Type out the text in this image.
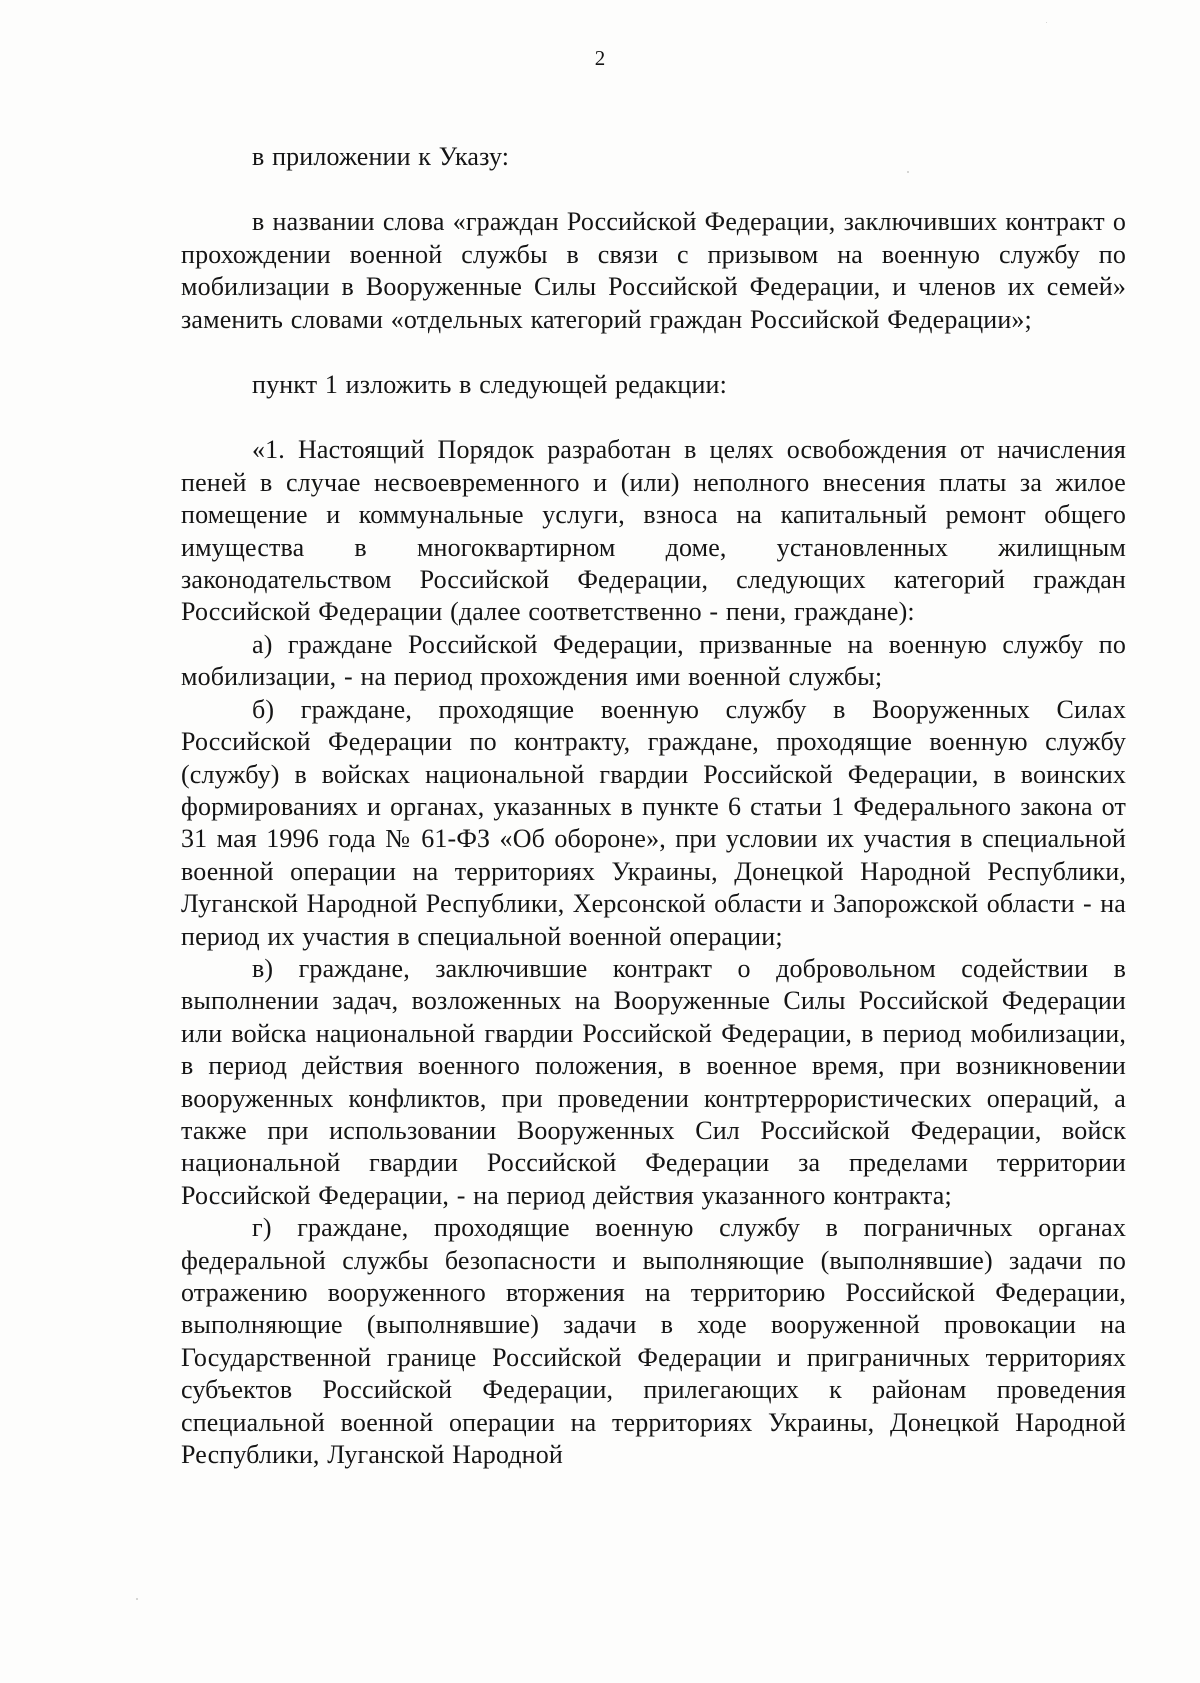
2

в приложении к Указу:

в названии слова «граждан Российской Федерации, заключивших контракт о прохождении военной службы в связи с призывом на военную службу по мобилизации в Вооруженные Силы Российской Федерации, и членов их семей» заменить словами «отдельных категорий граждан Российской Федерации»;

пункт 1 изложить в следующей редакции:

«1. Настоящий Порядок разработан в целях освобождения от начисления пеней в случае несвоевременного и (или) неполного внесения платы за жилое помещение и коммунальные услуги, взноса на капитальный ремонт общего имущества в многоквартирном доме, установленных жилищным законодательством Российской Федерации, следующих категорий граждан Российской Федерации (далее соответственно - пени, граждане):

а) граждане Российской Федерации, призванные на военную службу по мобилизации, - на период прохождения ими военной службы;

б) граждане, проходящие военную службу в Вооруженных Силах Российской Федерации по контракту, граждане, проходящие военную службу (службу) в войсках национальной гвардии Российской Федерации, в воинских формированиях и органах, указанных в пункте 6 статьи 1 Федерального закона от 31 мая 1996 года № 61-ФЗ «Об обороне», при условии их участия в специальной военной операции на территориях Украины, Донецкой Народной Республики, Луганской Народной Республики, Херсонской области и Запорожской области - на период их участия в специальной военной операции;

в) граждане, заключившие контракт о добровольном содействии в выполнении задач, возложенных на Вооруженные Силы Российской Федерации или войска национальной гвардии Российской Федерации, в период мобилизации, в период действия военного положения, в военное время, при возникновении вооруженных конфликтов, при проведении контртеррористических операций, а также при использовании Вооруженных Сил Российской Федерации, войск национальной гвардии Российской Федерации за пределами территории Российской Федерации, - на период действия указанного контракта;

г) граждане, проходящие военную службу в пограничных органах федеральной службы безопасности и выполняющие (выполнявшие) задачи по отражению вооруженного вторжения на территорию Российской Федерации, выполняющие (выполнявшие) задачи в ходе вооруженной провокации на Государственной границе Российской Федерации и приграничных территориях субъектов Российской Федерации, прилегающих к районам проведения специальной военной операции на территориях Украины, Донецкой Народной Республики, Луганской Народной
